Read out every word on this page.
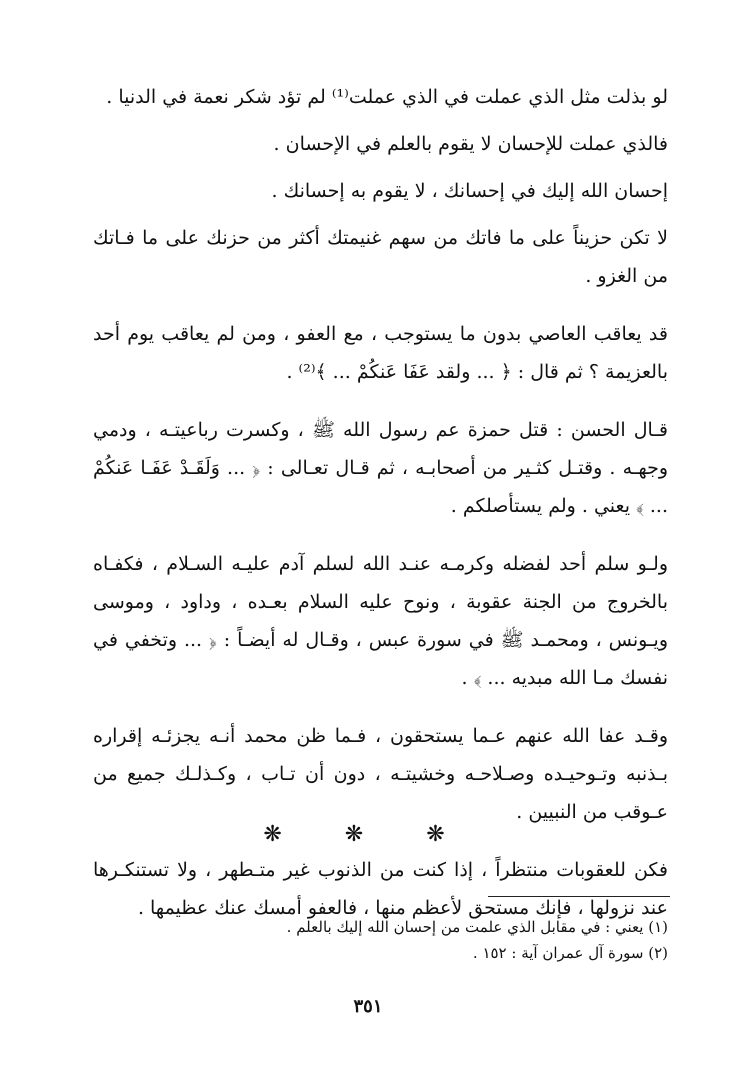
لو بذلت مثل الذي عملت في الذي عملت⁽¹⁾ لم تؤد شكر نعمة في الدنيا .

فالذي عملت للإحسان لا يقوم بالعلم في الإحسان .

إحسان الله إليك في إحسانك ، لا يقوم به إحسانك .

لا تكن حزيناً على ما فاتك من سهم غنيمتك أكثر من حزنك على ما فـاتك من الغزو .

قد يعاقب العاصي بدون ما يستوجب ، مع العفو ، ومن لم يعاقب يوم أحد بالعزيمة ؟ ثم قال : ﴿ ... ولقد عَفَا عَنكُمْ ... ﴾⁽²⁾ .

قـال الحسن : قتل حمزة عم رسول الله ﷺ ، وكسرت رباعيتـه ، ودمي وجهـه . وقتـل كثـير من أصحابـه ، ثم قـال تعـالى : ﴿ ... وَلَقَـدْ عَفَـا عَنكُمْ ... ﴾ يعني . ولم يستأصلكم .

ولـو سلم أحد لفضله وكرمـه عنـد الله لسلم آدم عليـه السـلام ، فكفـاه بالخروج من الجنة عقوبة ، ونوح عليه السلام بعـده ، وداود ، وموسى ويـونس ، ومحمـد ﷺ في سورة عبس ، وقـال له أيضـاً : ﴿ ... وتخفي في نفسك مـا الله مبديه ... ﴾ .

وقـد عفا الله عنهم عـما يستحقون ، فـما ظن محمد أنـه يجزئـه إقراره بـذنبه وتـوحيـده وصـلاحـه وخشيتـه ، دون أن تـاب ، وكـذلـك جميع من عـوقب من النبيين .

فكن للعقوبات منتظراً ، إذا كنت من الذنوب غير متـطهر ، ولا تستنكـرها عند نزولها ، فإنك مستحق لأعظم منها ، فالعفو أمسك عنك عظيمها .

❋ ❋ ❋

(١) يعني : في مقابل الذي علمت من إحسان الله إليك بالعلم .

(٢) سورة آل عمران آية : ١٥٢ .

٣٥١
